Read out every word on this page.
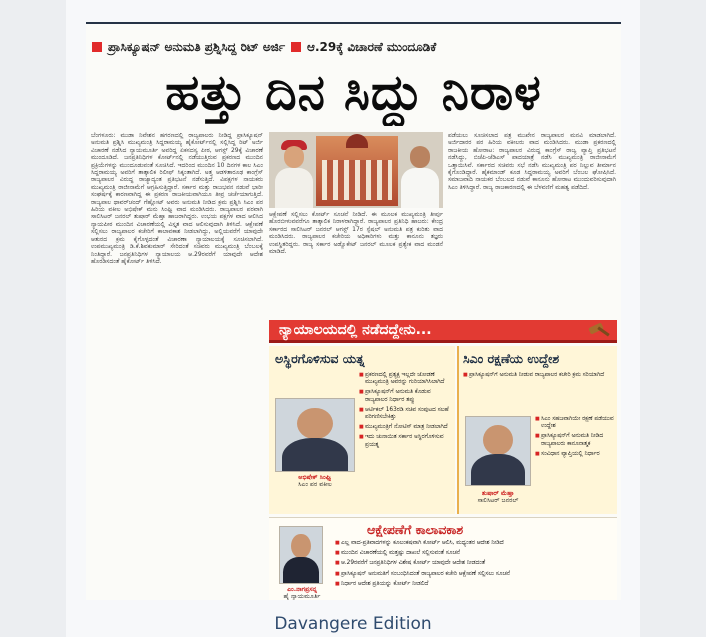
ಪ್ರಾಸಿಕ್ಯೂಷನ್ ಅನುಮತಿ ಪ್ರಶ್ನಿಸಿದ್ದ ರಿಟ್ ಅರ್ಜಿ ಆ.29ಕ್ಕೆ ವಿಚಾರಣೆ ಮುಂದೂಡಿಕೆ
ಹತ್ತು ದಿನ ಸಿದ್ದು ನಿರಾಳ
ಬೆಂಗಳೂರು: ಮುಡಾ ನಿವೇಶನ ಹಗರಣದಲ್ಲಿ ರಾಜ್ಯಪಾಲರು ನೀಡಿದ್ದ ಪ್ರಾಸಿಕ್ಯೂಷನ್ ಅನುಮತಿ ಪ್ರಶ್ನಿಸಿ ಮುಖ್ಯಮಂತ್ರಿ ಸಿದ್ದರಾಮಯ್ಯ ಹೈಕೋರ್ಟ್‌ನಲ್ಲಿ ಸಲ್ಲಿಸಿದ್ದ ರಿಟ್ ಅರ್ಜಿ ವಿಚಾರಣೆ ನಡೆಸಿದ ನ್ಯಾಯಮೂರ್ತಿ ಅವರಿದ್ದ ಏಕಸದಸ್ಯ ಪೀಠ, ಆಗಸ್ಟ್ 29ಕ್ಕೆ ವಿಚಾರಣೆ ಮುಂದೂಡಿದೆ. ಜನಪ್ರತಿನಿಧಿಗಳ ಕೋರ್ಟ್‌ನಲ್ಲಿ ನಡೆಯುತ್ತಿರುವ ಪ್ರಕರಣದ ಮುಂದಿನ ಪ್ರಕ್ರಿಯೆಗಳನ್ನು ಮುಂದೂಡುವಂತೆ ಸೂಚಿಸಿದೆ. ಇದರಿಂದ ಮುಂದಿನ 10 ದಿನಗಳ ಕಾಲ ಸಿಎಂ ಸಿದ್ದರಾಮಯ್ಯ ಅವರಿಗೆ ತಾತ್ಕಾಲಿಕ ರಿಲೀಫ್ ಸಿಕ್ಕಂತಾಗಿದೆ. ಅತ್ತ ಆಡಳಿತಾರೂಢ ಕಾಂಗ್ರೆಸ್ ರಾಜ್ಯಪಾಲರ ವಿರುದ್ಧ ರಾಜ್ಯಾದ್ಯಂತ ಪ್ರತಿಭಟನೆ ನಡೆಸುತ್ತಿದೆ. ವಿಪಕ್ಷಗಳ ನಾಯಕರು ಮುಖ್ಯಮಂತ್ರಿ ರಾಜೀನಾಮೆಗೆ ಆಗ್ರಹಿಸುತ್ತಿದ್ದಾರೆ. ಸರ್ಕಾರ ಮತ್ತು ರಾಜಭವನ ನಡುವೆ ಭಾರೀ ಸಂಘರ್ಷಕ್ಕೆ ಕಾರಣವಾಗಿದ್ದ ಈ ಪ್ರಕರಣ ರಾಜಕೀಯವಾಗಿಯೂ ತೀವ್ರ ಚರ್ಚೆಯಾಗುತ್ತಿದೆ. ರಾಜ್ಯಪಾಲ ಥಾವರ್‌ಚಂದ್ ಗೆಹ್ಲೋಟ್ ಅವರು ಅನುಮತಿ ನೀಡಿದ ಕ್ರಮ ಪ್ರಶ್ನಿಸಿ ಸಿಎಂ ಪರ ಹಿರಿಯ ವಕೀಲ ಅಭಿಷೇಕ್ ಮನು ಸಿಂಘ್ವಿ ವಾದ ಮಂಡಿಸಿದರು. ರಾಜ್ಯಪಾಲರ ಪರವಾಗಿ ಸಾಲಿಸಿಟರ್ ಜನರಲ್ ತುಷಾರ್ ಮೆಹ್ತಾ ಹಾಜರಾಗಿದ್ದರು. ಉಭಯ ಪಕ್ಷಗಳ ವಾದ ಆಲಿಸಿದ ನ್ಯಾಯಪೀಠ ಮುಂದಿನ ವಿಚಾರಣೆಯಲ್ಲಿ ವಿಸ್ತೃತ ವಾದ ಆಲಿಸುವುದಾಗಿ ತಿಳಿಸಿದೆ. ಆಕ್ಷೇಪಣೆ ಸಲ್ಲಿಸಲು ರಾಜ್ಯಪಾಲರ ಕಚೇರಿಗೆ ಕಾಲಾವಕಾಶ ನೀಡಲಾಗಿದ್ದು, ಅಲ್ಲಿಯವರೆಗೆ ಯಾವುದೇ ಆತುರದ ಕ್ರಮ ಕೈಗೊಳ್ಳದಂತೆ ವಿಚಾರಣಾ ನ್ಯಾಯಾಲಯಕ್ಕೆ ಸೂಚಿಸಲಾಗಿದೆ. ಉಪಮುಖ್ಯಮಂತ್ರಿ ಡಿ.ಕೆ.ಶಿವಕುಮಾರ್ ಸೇರಿದಂತೆ ಸಚಿವರು ಮುಖ್ಯಮಂತ್ರಿ ಬೆಂಬಲಕ್ಕೆ ನಿಂತಿದ್ದಾರೆ. ಜನಪ್ರತಿನಿಧಿಗಳ ನ್ಯಾಯಾಲಯ ಆ.29ರವರೆಗೆ ಯಾವುದೇ ಆದೇಶ ಹೊರಡಿಸದಂತೆ ಹೈಕೋರ್ಟ್ ತಿಳಿಸಿದೆ.
ಆಕ್ಷೇಪಣೆ ಸಲ್ಲಿಸಲು ಕೋರ್ಟ್ ಸೂಚನೆ ನೀಡಿದೆ. ಈ ಮೂಲಕ ಮುಖ್ಯಮಂತ್ರಿ ತೀರ್ಪು ಹೊರಬೀಳುವವರೆಗೂ ತಾತ್ಕಾಲಿಕ ನಿರಾಳರಾಗಿದ್ದಾರೆ. ರಾಜ್ಯಪಾಲರ ಪ್ರತಿನಿಧಿ ಹಾಜರು: ಕೇಂದ್ರ ಸರ್ಕಾರದ ಸಾಲಿಸಿಟರ್ ಜನರಲ್ ಆಗಸ್ಟ್ 17ರ ಸ್ಪೆಷಲ್ ಅನುಮತಿ ಪತ್ರ ಕುರಿತು ವಾದ ಮಂಡಿಸಿದರು. ರಾಜ್ಯಪಾಲರ ಕಚೇರಿಯ ಅಧಿಕಾರಿಗಳು ಮತ್ತು ಕಾನೂನು ತಜ್ಞರು ಉಪಸ್ಥಿತರಿದ್ದರು. ರಾಜ್ಯ ಸರ್ಕಾರ ಅಡ್ವೊಕೇಟ್ ಜನರಲ್ ಮೂಲಕ ಪ್ರತ್ಯೇಕ ವಾದ ಮಂಡನೆ ಮಾಡಿದೆ.
ಪಡೆಯಲು ಸೂಚಿಸಲಾದ ಪತ್ರ ಮುಖೇನ ರಾಜ್ಯಪಾಲರ ಮನವಿ ಮಾಡಲಾಗಿದೆ. ಅರ್ಜಿದಾರರ ಪರ ಹಿರಿಯ ವಕೀಲರು ವಾದ ಮಂಡಿಸಿದರು. ಮುಡಾ ಪ್ರಕರಣದಲ್ಲಿ ರಾಜಕೀಯ ಹೋರಾಟ: ರಾಜ್ಯಪಾಲರ ವಿರುದ್ಧ ಕಾಂಗ್ರೆಸ್ ರಾಜ್ಯ ವ್ಯಾಪ್ತಿ ಪ್ರತಿಭಟನೆ ನಡೆಸಿದ್ದು, ಬಿಜೆಪಿ-ಜೆಡಿಎಸ್ ಪಾದಯಾತ್ರೆ ನಡೆಸಿ ಮುಖ್ಯಮಂತ್ರಿ ರಾಜೀನಾಮೆಗೆ ಒತ್ತಾಯಿಸಿವೆ. ಸರ್ಕಾರದ ಸಚಿವರು ಸಭೆ ನಡೆಸಿ ಮುಖ್ಯಮಂತ್ರಿ ಪರ ನಿಲ್ಲುವ ತೀರ್ಮಾನ ಕೈಗೊಂಡಿದ್ದಾರೆ. ಹೈಕಮಾಂಡ್ ಕೂಡ ಸಿದ್ದರಾಮಯ್ಯ ಅವರಿಗೆ ಬೆಂಬಲ ಘೋಷಿಸಿದೆ. ಸಮಾಜವಾದಿ ನಾಯಕರ ಬೆಂಬಲದ ನಡುವೆ ಕಾನೂನು ಹೋರಾಟ ಮುಂದುವರಿಸುವುದಾಗಿ ಸಿಎಂ ತಿಳಿಸಿದ್ದಾರೆ. ರಾಜ್ಯ ರಾಜಕಾರಣದಲ್ಲಿ ಈ ಬೆಳವಣಿಗೆ ಮಹತ್ವ ಪಡೆದಿದೆ.
ನ್ಯಾಯಾಲಯದಲ್ಲಿ ನಡೆದದ್ದೇನು...
ಅಸ್ಥಿರಗೊಳಿಸುವ ಯತ್ನ

■ ಪ್ರಕರಣದಲ್ಲಿ ಪ್ರತ್ಯಕ್ಷ ಇಲ್ಲದೇ ಜೋಡಣೆ ಮುಖ್ಯಮಂತ್ರಿ ಅವರನ್ನು ಗುರಿಯಾಗಿಸಿಲಾಗಿದೆ

■ ಪ್ರಾಸಿಕ್ಯೂಷನ್‌ಗೆ ಅನುಮತಿ ಕೊಡುವ ರಾಜ್ಯಪಾಲರ ನಿರ್ಧಾರ ತಪ್ಪು

■ ಆರ್ಟಿಕಲ್ 163ರಡಿ ಸಚಿವ ಸಂಪುಟದ ಸಲಹೆ ಪರಿಗಣಿಸಬೇಕಿತ್ತು

■ ಮುಖ್ಯಮಂತ್ರಿಗೆ ನೋಟಿಸ್ ಮಾತ್ರ ನೀಡಲಾಗಿದೆ

■ ಇದು ಚುನಾಯಿತ ಸರ್ಕಾರ ಅಸ್ಥಿರಗೊಳಿಸುವ ಪ್ರಯತ್ನ

ಅಭಿಷೇಕ್ ಸಿಂಘ್ವಿ
ಸಿಎಂ ಪರ ವಕೀಲ
ಸಿಎಂ ರಕ್ಷಣೆಯ ಉದ್ದೇಶ

■ ಪ್ರಾಸಿಕ್ಯೂಷನ್‌ಗೆ ಅನುಮತಿ ನೀಡುವ ರಾಜ್ಯಪಾಲರ ಕಚೇರಿ ಕ್ರಮ ಸರಿಯಾಗಿದೆ

■ ಸಿಎಂ ಸಹಜವಾಗಿಯೇ ರಕ್ಷಣೆ ಪಡೆಯುವ ಉದ್ದೇಶ

■ ಪ್ರಾಸಿಕ್ಯೂಷನ್‌ಗೆ ಅನುಮತಿ ನೀಡಿದ ರಾಜ್ಯಪಾಲರು ಕಾನೂನಾತ್ಮಕ

■ ಸಂವಿಧಾನ ವ್ಯಾಪ್ತಿಯಲ್ಲಿ ನಿರ್ಧಾರ

ತುಷಾರ್ ಮೆಹ್ತಾ
ಸಾಲಿಸಿಟರ್ ಜನರಲ್
ಆಕ್ಷೇಪಣೆಗೆ ಕಾಲಾವಕಾಶ
ಎಂ.ನಾಗಪ್ರಸನ್ನ
ಹೈ ನ್ಯಾಯಮೂರ್ತಿ

■ ಎಲ್ಲ ವಾದ-ಪ್ರತಿವಾದಗಳನ್ನು ಕೂಲಂಕಷವಾಗಿ ಕೋರ್ಟ್ ಆಲಿಸಿ, ಮಧ್ಯಂತರ ಆದೇಶ ನೀಡಿದೆ

■ ಮುಂದಿನ ವಿಚಾರಣೆಯಲ್ಲಿ ಮತ್ತಷ್ಟು ದಾಖಲೆ ಸಲ್ಲಿಸುವಂತೆ ಸೂಚನೆ

■ ಆ.29ರವರೆಗೆ ಜನಪ್ರತಿನಿಧಿಗಳ ವಿಶೇಷ ಕೋರ್ಟ್ ಯಾವುದೇ ಆದೇಶ ನೀಡದಂತೆ

■ ಪ್ರಾಸಿಕ್ಯೂಷನ್ ಅನುಮತಿಗೆ ಸಂಬಂಧಿಸಿದಂತೆ ರಾಜ್ಯಪಾಲರ ಕಚೇರಿ ಆಕ್ಷೇಪಣೆ ಸಲ್ಲಿಸಲು ಸೂಚನೆ

■ ನಿರ್ಧಾರ ಆದೇಶ ಪ್ರತಿಯನ್ನು ಕೋರ್ಟ್ ನೀಡಲಿದೆ

Davangere Edition
